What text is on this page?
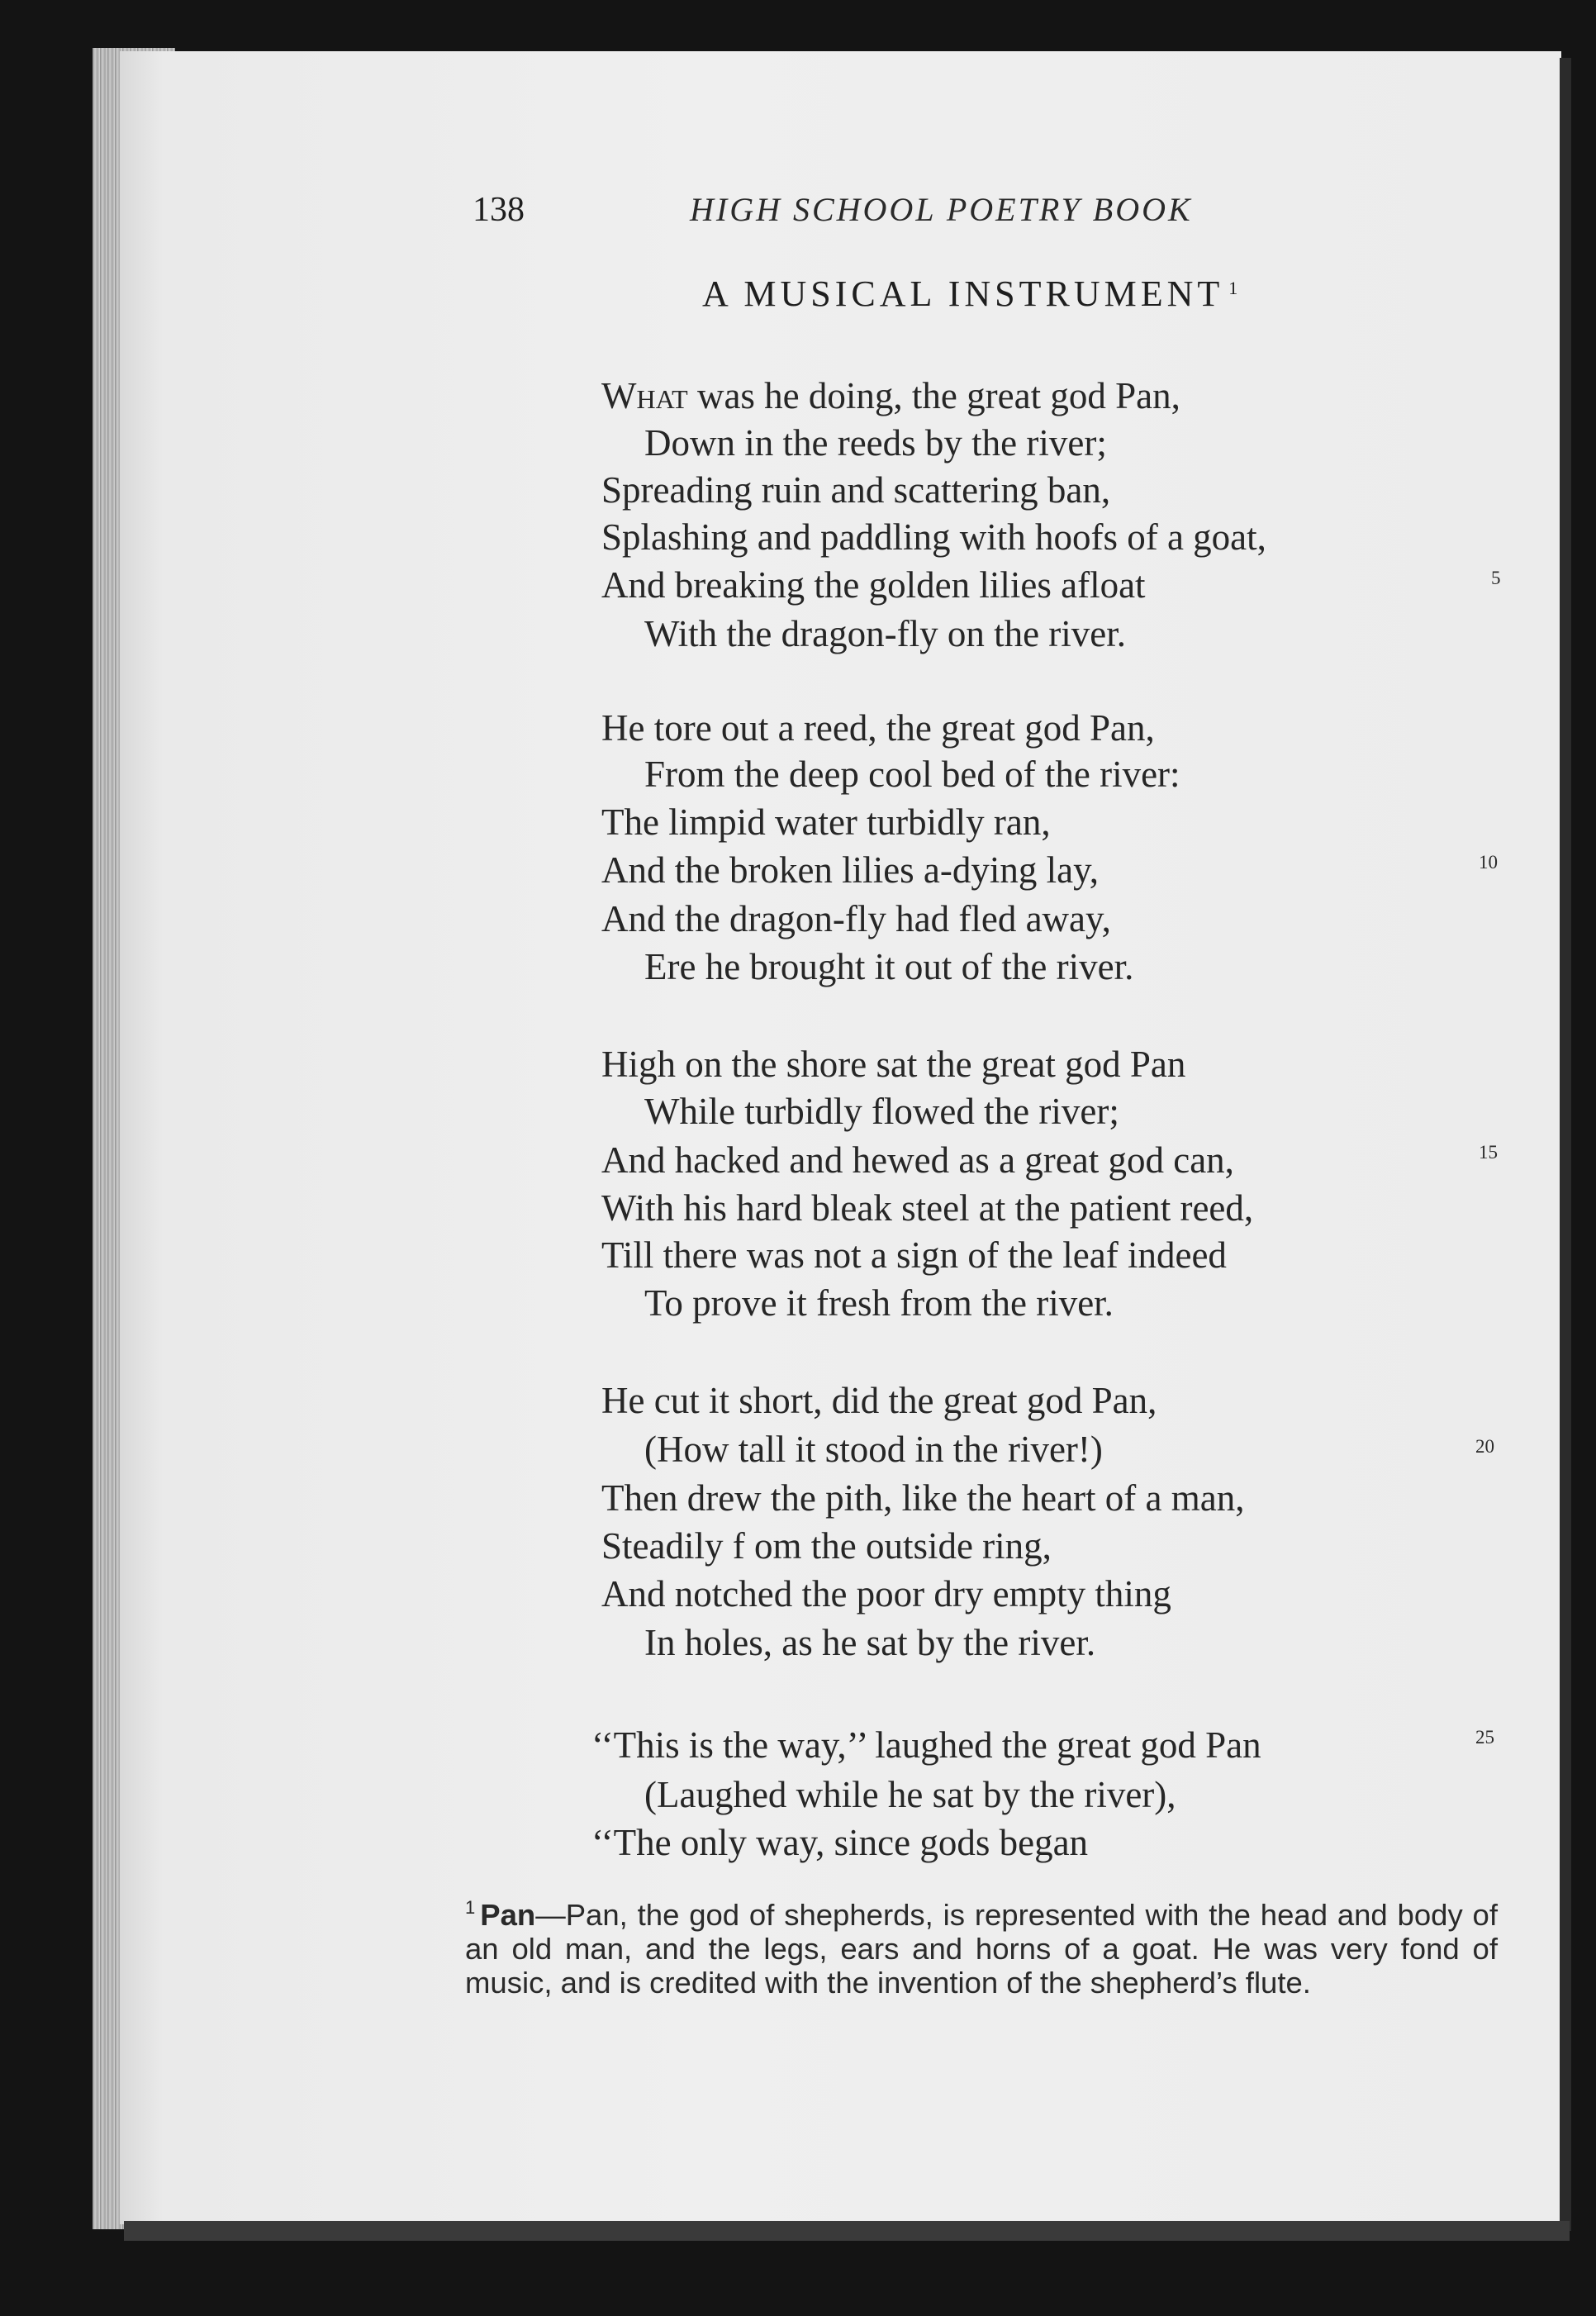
138	HIGH SCHOOL POETRY BOOK
A MUSICAL INSTRUMENT $^1$
What was he doing, the great god Pan,
Down in the reeds by the river;
Spreading ruin and scattering ban,
Splashing and paddling with hoofs of a goat,
And breaking the golden lilies afloat
With the dragon-fly on the river.
He tore out a reed, the great god Pan,
From the deep cool bed of the river:
The limpid water turbidly ran,
And the broken lilies a-dying lay,
And the dragon-fly had fled away,
Ere he brought it out of the river.
High on the shore sat the great god Pan
While turbidly flowed the river;
And hacked and hewed as a great god can,
With his hard bleak steel at the patient reed,
Till there was not a sign of the leaf indeed
To prove it fresh from the river.
He cut it short, did the great god Pan,
(How tall it stood in the river!)
Then drew the pith, like the heart of a man,
Steadily f om the outside ring,
And notched the poor dry empty thing
In holes, as he sat by the river.
‘‘This is the way,’’ laughed the great god Pan
(Laughed while he sat by the river),
‘‘The only way, since gods began
5
10
15
20
25
$^1$ Pan—Pan, the god of shepherds, is represented with the head and body of an old man, and the legs, ears and horns of a goat. He was very fond of music, and is credited with the invention of the shepherd’s flute.
